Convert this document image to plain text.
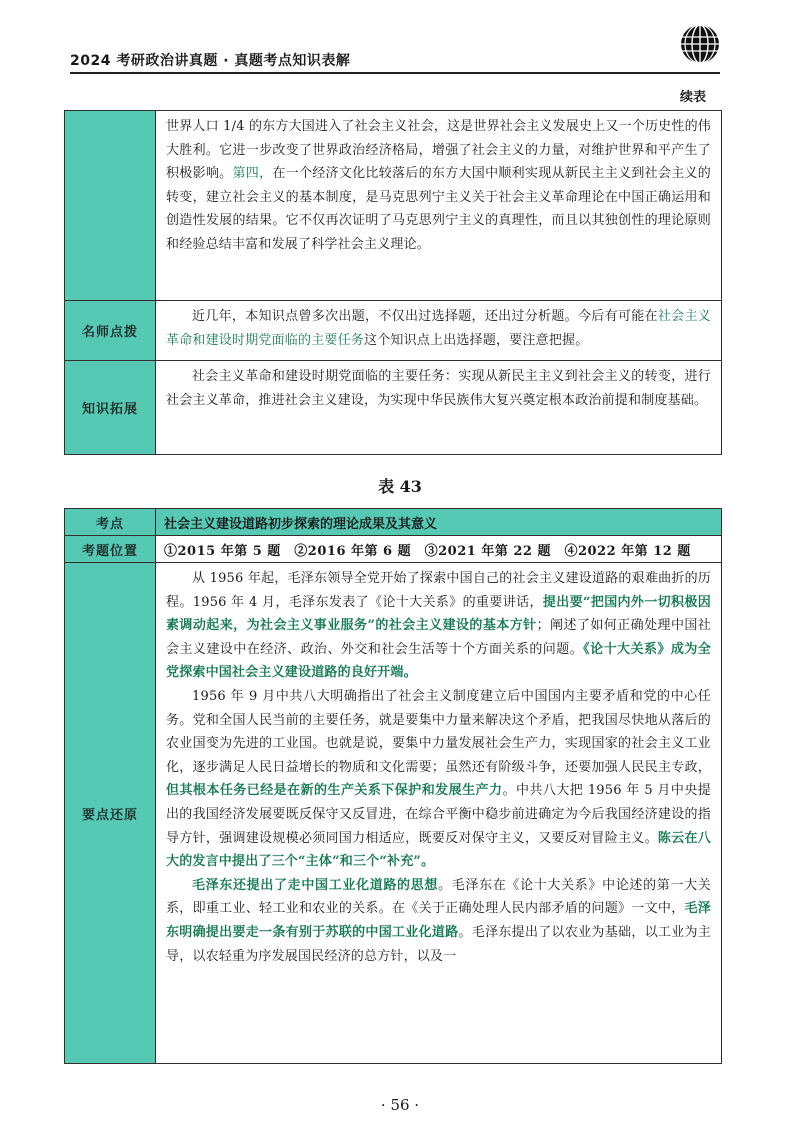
2024 考研政治讲真题 · 真题考点知识表解
续表

	世界人口 1/4 的东方大国进入了社会主义社会，这是世界社会主义发展史上又一个历史性的伟大胜利。它进一步改变了世界政治经济格局，增强了社会主义的力量，对维护世界和平产生了积极影响。第四，在一个经济文化比较落后的东方大国中顺利实现从新民主主义到社会主义的转变，建立社会主义的基本制度，是马克思列宁主义关于社会主义革命理论在中国正确运用和创造性发展的结果。它不仅再次证明了马克思列宁主义的真理性，而且以其独创性的理论原则和经验总结丰富和发展了科学社会主义理论。

名师点拨	近几年，本知识点曾多次出题，不仅出过选择题，还出过分析题。今后有可能在社会主义革命和建设时期党面临的主要任务这个知识点上出选择题，要注意把握。

知识拓展	社会主义革命和建设时期党面临的主要任务：实现从新民主主义到社会主义的转变，进行社会主义革命，推进社会主义建设，为实现中华民族伟大复兴奠定根本政治前提和制度基础。

表 43
考点	社会主义建设道路初步探索的理论成果及其意义
考题位置	①2015 年第 5 题　②2016 年第 6 题　③2021 年第 22 题　④2022 年第 12 题
要点还原	从 1956 年起，毛泽东领导全党开始了探索中国自己的社会主义建设道路的艰难曲折的历程。1956 年 4 月，毛泽东发表了《论十大关系》的重要讲话，提出要“把国内外一切积极因素调动起来，为社会主义事业服务”的社会主义建设的基本方针；阐述了如何正确处理中国社会主义建设中在经济、政治、外交和社会生活等十个方面关系的问题。《论十大关系》成为全党探索中国社会主义建设道路的良好开端。

1956 年 9 月中共八大明确指出了社会主义制度建立后中国国内主要矛盾和党的中心任务。党和全国人民当前的主要任务，就是要集中力量来解决这个矛盾，把我国尽快地从落后的农业国变为先进的工业国。也就是说，要集中力量发展社会生产力，实现国家的社会主义工业化，逐步满足人民日益增长的物质和文化需要；虽然还有阶级斗争，还要加强人民民主专政，但其根本任务已经是在新的生产关系下保护和发展生产力。中共八大把 1956 年 5 月中央提出的我国经济发展要既反保守又反冒进，在综合平衡中稳步前进确定为今后我国经济建设的指导方针，强调建设规模必须同国力相适应，既要反对保守主义，又要反对冒险主义。陈云在八大的发言中提出了三个“主体”和三个“补充”。

毛泽东还提出了走中国工业化道路的思想。毛泽东在《论十大关系》中论述的第一大关系，即重工业、轻工业和农业的关系。在《关于正确处理人民内部矛盾的问题》一文中，毛泽东明确提出要走一条有别于苏联的中国工业化道路。毛泽东提出了以农业为基础，以工业为主导，以农轻重为序发展国民经济的总方针，以及一

· 56 ·
